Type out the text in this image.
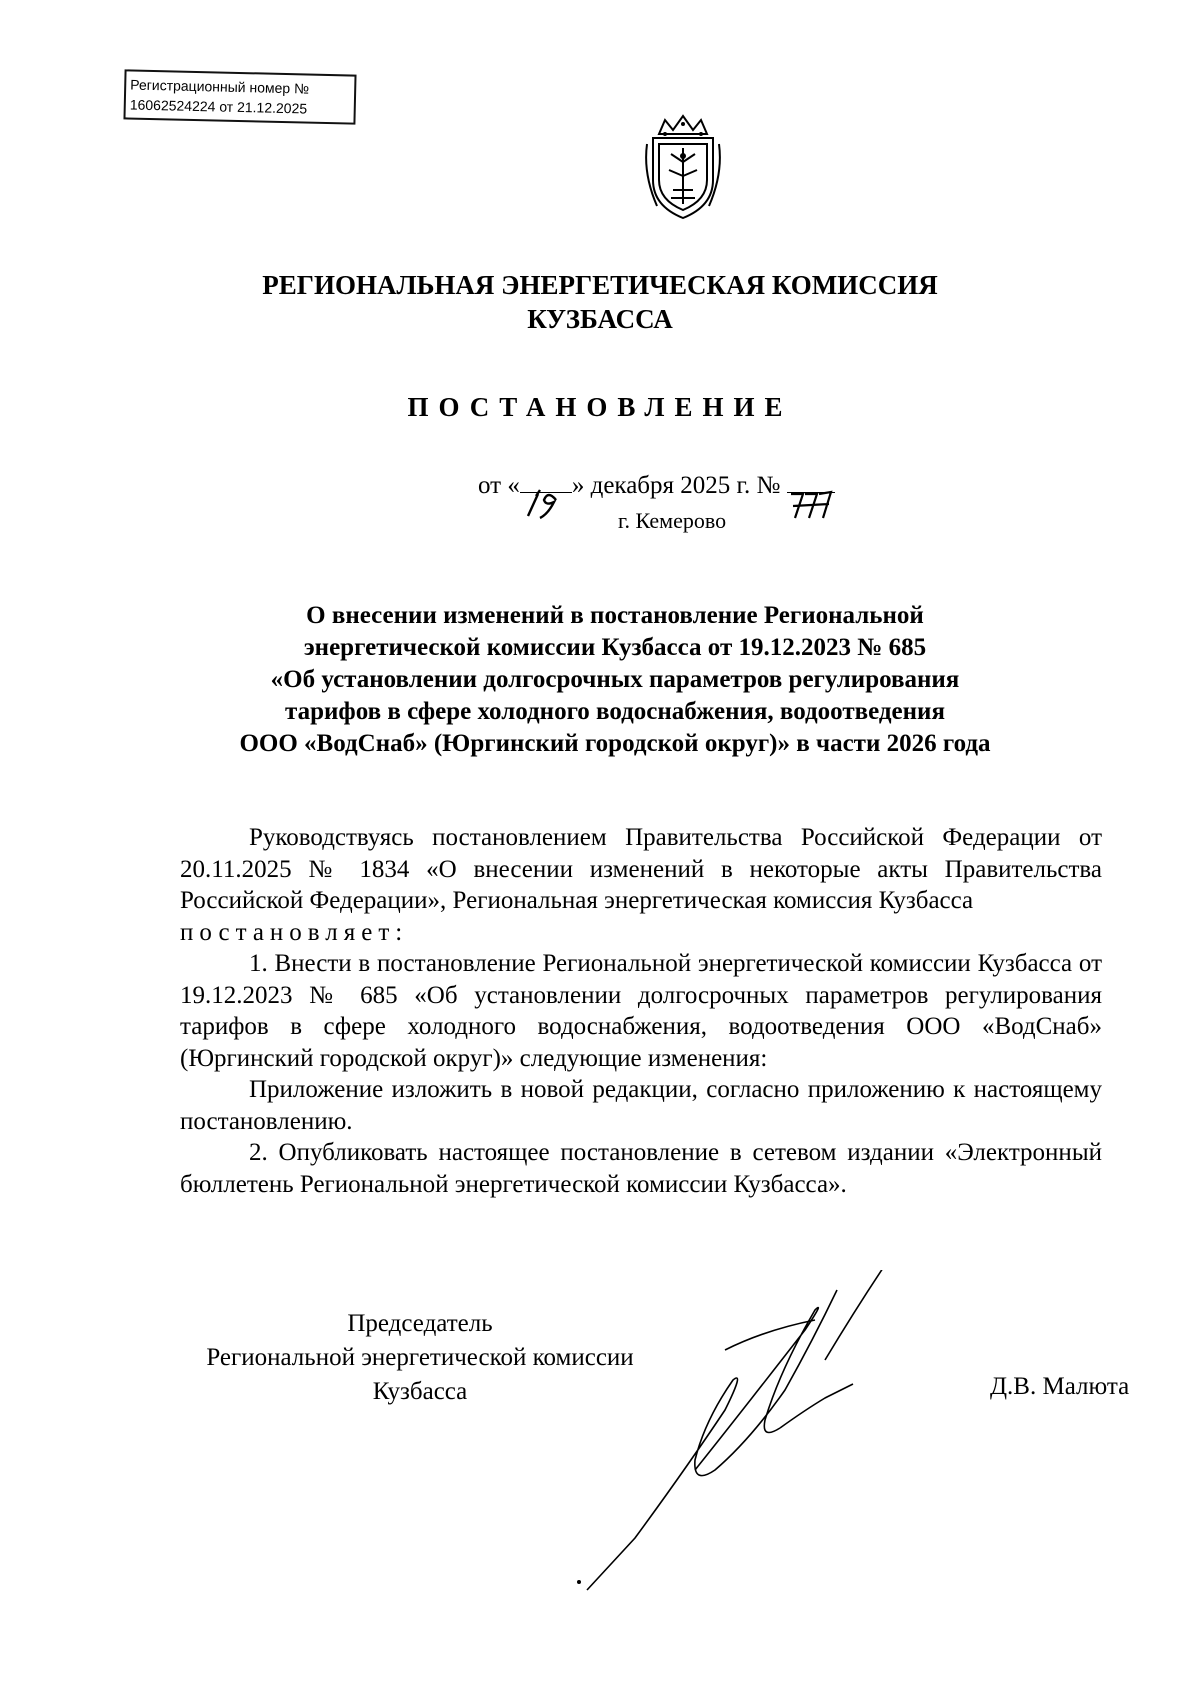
Регистрационный номер №
16062524224 от 21.12.2025
РЕГИОНАЛЬНАЯ ЭНЕРГЕТИЧЕСКАЯ КОМИССИЯ
КУЗБАССА
ПОСТАНОВЛЕНИЕ
от « » декабря 2025 г. №
г. Кемерово
О внесении изменений в постановление Региональной
энергетической комиссии Кузбасса от 19.12.2023 № 685
«Об установлении долгосрочных параметров регулирования
тарифов в сфере холодного водоснабжения, водоотведения
ООО «ВодСнаб» (Юргинский городской округ)» в части 2026 года

Руководствуясь постановлением Правительства Российской Федерации от 20.11.2025 № 1834 «О внесении изменений в некоторые акты Правительства Российской Федерации», Региональная энергетическая комиссия Кузбасса

постановляет:

1. Внести в постановление Региональной энергетической комиссии Кузбасса от 19.12.2023 № 685 «Об установлении долгосрочных параметров регулирования тарифов в сфере холодного водоснабжения, водоотведения ООО «ВодСнаб» (Юргинский городской округ)» следующие изменения:

Приложение изложить в новой редакции, согласно приложению к настоящему постановлению.

2. Опубликовать настоящее постановление в сетевом издании «Электронный бюллетень Региональной энергетической комиссии Кузбасса».

Председатель
Региональной энергетической комиссии
Кузбасса	Д.В. Малюта
